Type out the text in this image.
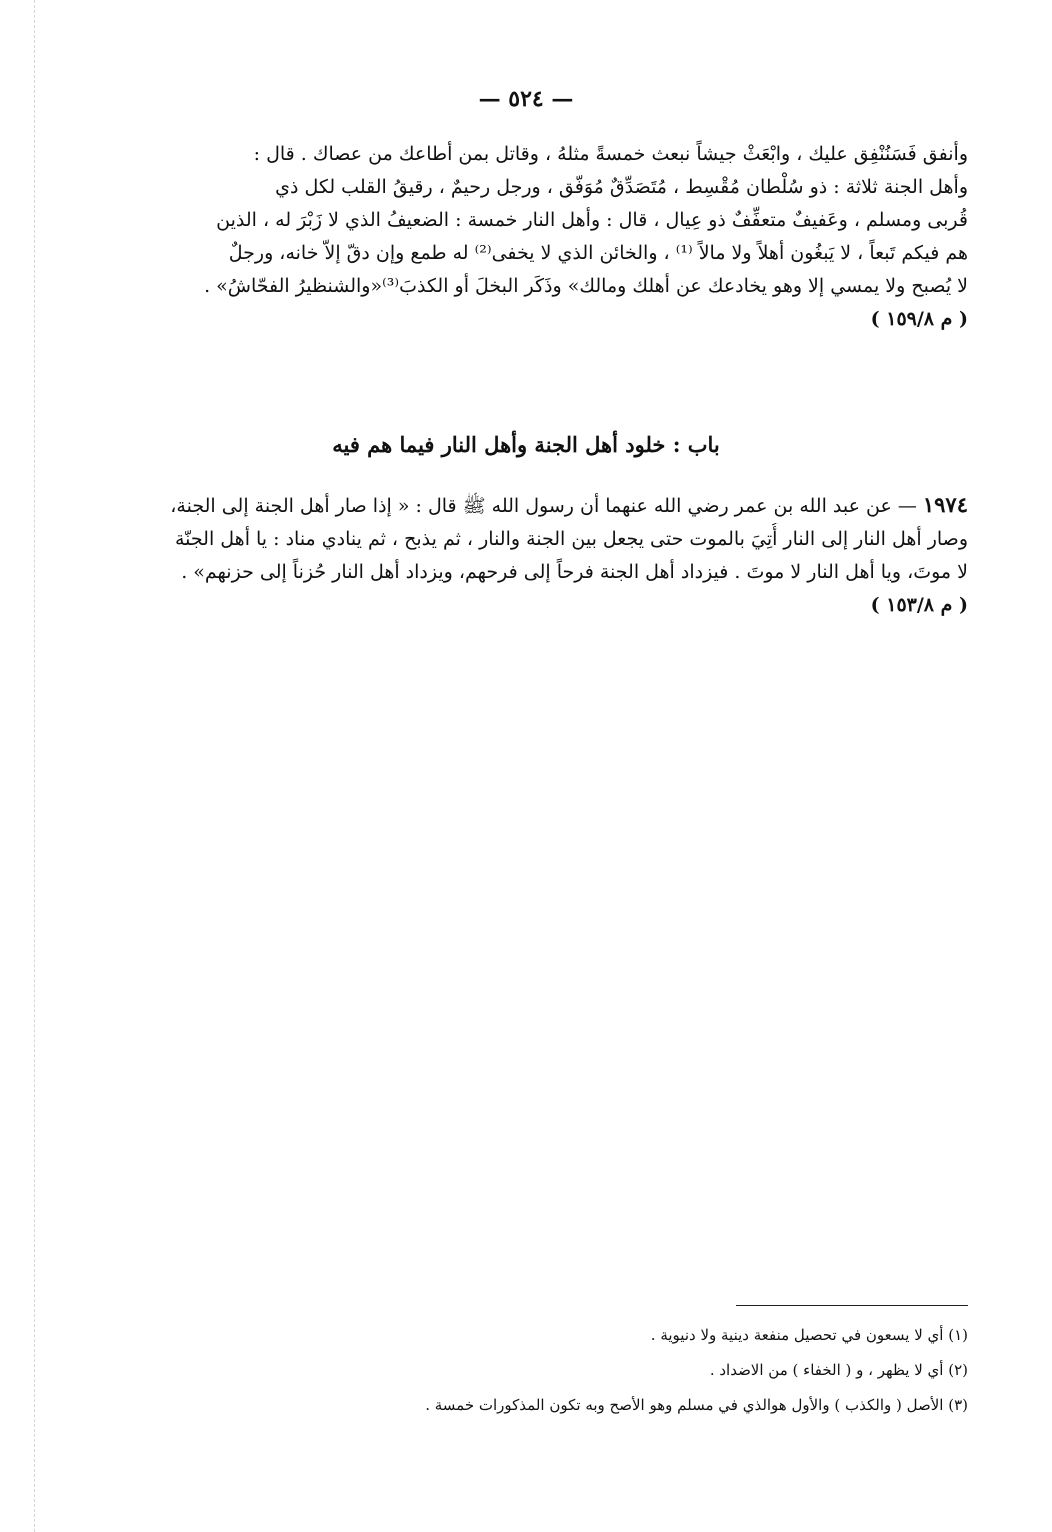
— ٥٢٤ —
وأنفق فَسَنُنْفِق عليك ، وابْعَثْ جيشاً نبعث خمسةً مثلهُ ، وقاتل بمن أطاعك من عصاك . قال :
وأهل الجنة ثلاثة : ذو سُلْطان مُقْسِط ، مُتَصَدِّقٌ مُوَفّق ، ورجل رحيمٌ ، رقيقُ القلب لكل ذي
قُربى ومسلم ، وعَفيفٌ متعفِّفٌ ذو عِيال ، قال : وأهل النار خمسة : الضعيفُ الذي لا زَبْرَ له ، الذين
هم فيكم تَبعاً ، لا يَبغُون أهلاً ولا مالاً ⁽¹⁾ ، والخائن الذي لا يخفى⁽²⁾ له طمع وإن دقّ إلاّ خانه، ورجلٌ
لا يُصبح ولا يمسي إلا وهو يخادعك عن أهلك ومالك» وذَكَر البخلَ أو الكذبَ⁽³⁾«والشنظيرُ الفحّاشُ» .
( م ١٥٩/٨ )
باب : خلود أهل الجنة وأهل النار فيما هم فيه
١٩٧٤ — عن عبد الله بن عمر رضي الله عنهما أن رسول الله ﷺ قال : « إذا صار أهل الجنة إلى الجنة،
وصار أهل النار إلى النار أُتِيَ بالموت حتى يجعل بين الجنة والنار ، ثم يذبح ، ثم ينادي مناد : يا أهل الجنّة
لا موتَ، ويا أهل النار لا موتَ . فيزداد أهل الجنة فرحاً إلى فرحهم، ويزداد أهل النار حُزناً إلى حزنهم» .
( م ١٥٣/٨ )
(١) أي لا يسعون في تحصيل منفعة دينية ولا دنيوية .
(٢) أي لا يظهر ، و ( الخفاء ) من الاضداد .
(٣) الأصل ( والكذب ) والأول هوالذي في مسلم وهو الأصح وبه تكون المذكورات خمسة .
